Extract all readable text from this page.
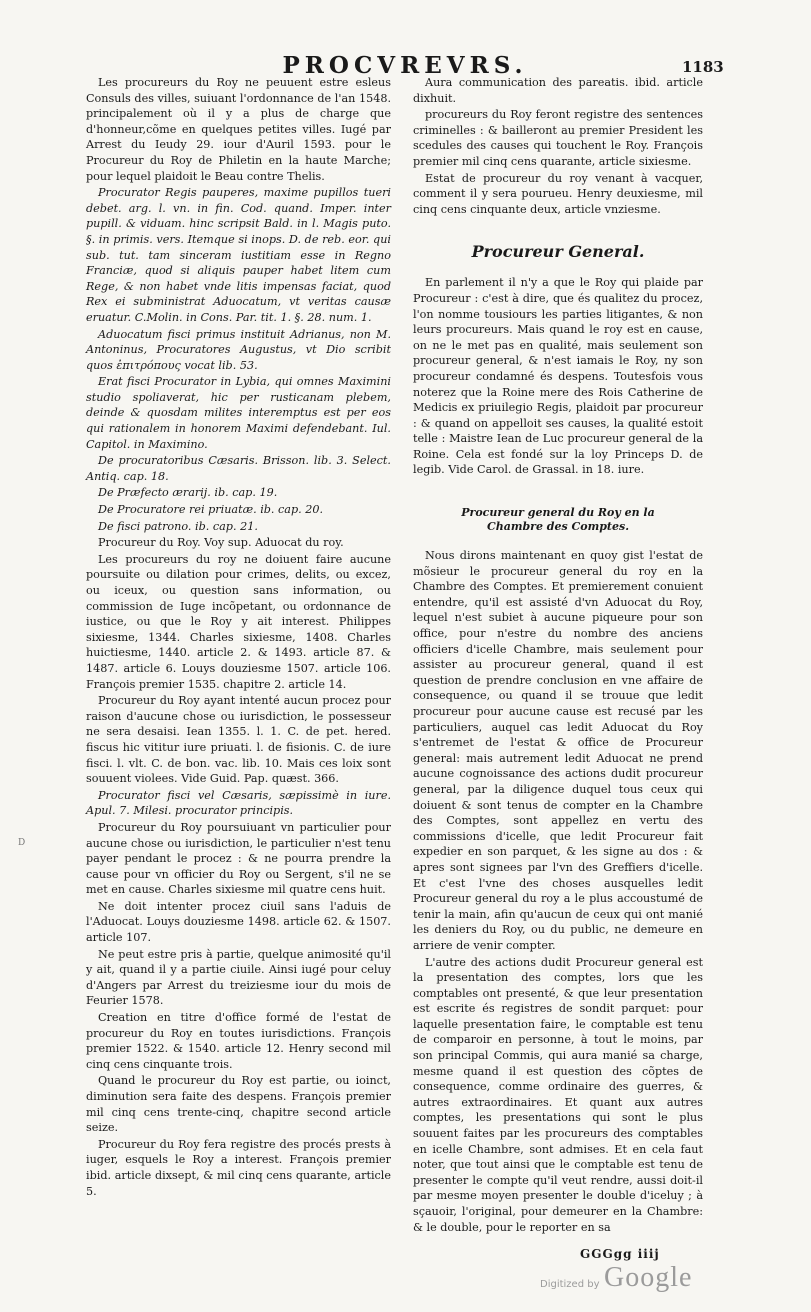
PROCVREVRS.	1183

Les procureurs du Roy ne peuuent estre esleus Consuls des villes, suiuant l'ordonnance de l'an 1548. principalement où il y a plus de charge que d'honneur,cõme en quelques petites villes. Iugé par Arrest du Ieudy 29. iour d'Auril 1593. pour le Procureur du Roy de Philetin en la haute Marche; pour lequel plaidoit le Beau contre Thelis.

Procurator Regis pauperes, maxime pupillos tueri debet. arg. l. vn. in fin. Cod. quand. Imper. inter pupill. & viduam. hinc scripsit Bald. in l. Magis puto. §. in primis. vers. Itemque si inops. D. de reb. eor. qui sub. tut. tam sinceram iustitiam esse in Regno Franciæ, quod si aliquis pauper habet litem cum Rege, & non habet vnde litis impensas faciat, quod Rex ei subministrat Aduocatum, vt veritas causæ eruatur. C.Molin. in Cons. Par. tit. 1. §. 28. num. 1.

Aduocatum fisci primus instituit Adrianus, non M. Antoninus, Procuratores Augustus, vt Dio scribit quos ἐπιτρόπους vocat lib. 53.

Erat fisci Procurator in Lybia, qui omnes Maximini studio spoliaverat, hic per rusticanam plebem, deinde & quosdam milites interemptus est per eos qui rationalem in honorem Maximi defendebant. Iul. Capitol. in Maximino.

De procuratoribus Cæsaris. Brisson. lib. 3. Select. Antiq. cap. 18.

De Præfecto ærarij. ib. cap. 19.

De Procuratore rei priuatæ. ib. cap. 20.

De fisci patrono. ib. cap. 21.

Procureur du Roy. Voy sup. Aduocat du roy.

Les procureurs du roy ne doiuent faire aucune poursuite ou dilation pour crimes, delits, ou excez, ou iceux, ou question sans information, ou commission de Iuge incõpetant, ou ordonnance de iustice, ou que le Roy y ait interest. Philippes sixiesme, 1344. Charles sixiesme, 1408. Charles huictiesme, 1440. article 2. & 1493. article 87. & 1487. article 6. Louys douziesme 1507. article 106. François premier 1535. chapitre 2. article 14.

Procureur du Roy ayant intenté aucun procez pour raison d'aucune chose ou iurisdiction, le possesseur ne sera desaisi. Iean 1355. l. 1. C. de pet. hered. fiscus hic vititur iure priuati. l. de fisionis. C. de iure fisci. l. vlt. C. de bon. vac. lib. 10. Mais ces loix sont souuent violees. Vide Guid. Pap. quæst. 366.

Procurator fisci vel Cæsaris, sæpissimè in iure. Apul. 7. Milesi. procurator principis.

Procureur du Roy poursuiuant vn particulier pour aucune chose ou iurisdiction, le particulier n'est tenu payer pendant le procez : & ne pourra prendre la cause pour vn officier du Roy ou Sergent, s'il ne se met en cause. Charles sixiesme mil quatre cens huit.

Ne doit intenter procez ciuil sans l'aduis de l'Aduocat. Louys douziesme 1498. article 62. & 1507. article 107.

Ne peut estre pris à partie, quelque animosité qu'il y ait, quand il y a partie ciuile. Ainsi iugé pour celuy d'Angers par Arrest du treiziesme iour du mois de Feurier 1578.

Creation en titre d'office formé de l'estat de procureur du Roy en toutes iurisdictions. François premier 1522. & 1540. article 12. Henry second mil cinq cens cinquante trois.

Quand le procureur du Roy est partie, ou ioinct, diminution sera faite des despens. François premier mil cinq cens trente-cinq, chapitre second article seize.

Procureur du Roy fera registre des procés prests à iuger, esquels le Roy a interest. François premier ibid. article dixsept, & mil cinq cens quarante, article 5.

Aura communication des pareatis. ibid. article dixhuit.

procureurs du Roy feront registre des sentences criminelles : & bailleront au premier President les scedules des causes qui touchent le Roy. François premier mil cinq cens quarante, article sixiesme.

Estat de procureur du roy venant à vacquer, comment il y sera pourueu. Henry deuxiesme, mil cinq cens cinquante deux, article vnziesme.

Procureur General.

En parlement il n'y a que le Roy qui plaide par Procureur : c'est à dire, que és qualitez du procez, l'on nomme tousiours les parties litigantes, & non leurs procureurs. Mais quand le roy est en cause, on ne le met pas en qualité, mais seulement son procureur general, & n'est iamais le Roy, ny son procureur condamné és despens. Toutesfois vous noterez que la Roine mere des Rois Catherine de Medicis ex priuilegio Regis, plaidoit par procureur : & quand on appelloit ses causes, la qualité estoit telle : Maistre Iean de Luc procureur general de la Roine. Cela est fondé sur la loy Princeps D. de legib. Vide Carol. de Grassal. in 18. iure.

Procureur general du Roy en la Chambre des Comptes.

Nous dirons maintenant en quoy gist l'estat de mõsieur le procureur general du roy en la Chambre des Comptes. Et premierement conuient entendre, qu'il est assisté d'vn Aduocat du Roy, lequel n'est subiet à aucune piqueure pour son office, pour n'estre du nombre des anciens officiers d'icelle Chambre, mais seulement pour assister au procureur general, quand il est question de prendre conclusion en vne affaire de consequence, ou quand il se trouue que ledit procureur pour aucune cause est recusé par les particuliers, auquel cas ledit Aduocat du Roy s'entremet de l'estat & office de Procureur general: mais autrement ledit Aduocat ne prend aucune cognoissance des actions dudit procureur general, par la diligence duquel tous ceux qui doiuent & sont tenus de compter en la Chambre des Comptes, sont appellez en vertu des commissions d'icelle, que ledit Procureur fait expedier en son parquet, & les signe au dos : & apres sont signees par l'vn des Greffiers d'icelle. Et c'est l'vne des choses ausquelles ledit Procureur general du roy a le plus accoustumé de tenir la main, afin qu'aucun de ceux qui ont manié les deniers du Roy, ou du public, ne demeure en arriere de venir compter.

L'autre des actions dudit Procureur general est la presentation des comptes, lors que les comptables ont presenté, & que leur presentation est escrite és registres de sondit parquet: pour laquelle presentation faire, le comptable est tenu de comparoir en personne, à tout le moins, par son principal Commis, qui aura manié sa charge, mesme quand il est question des cõptes de consequence, comme ordinaire des guerres, & autres extraordinaires. Et quant aux autres comptes, les presentations qui sont le plus souuent faites par les procureurs des comptables en icelle Chambre, sont admises. Et en cela faut noter, que tout ainsi que le comptable est tenu de presenter le compte qu'il veut rendre, aussi doit-il par mesme moyen presenter le double d'iceluy ; à sçauoir, l'original, pour demeurer en la Chambre: & le double, pour le reporter en sa

GGGgg iiij
D
Digitized by Google
